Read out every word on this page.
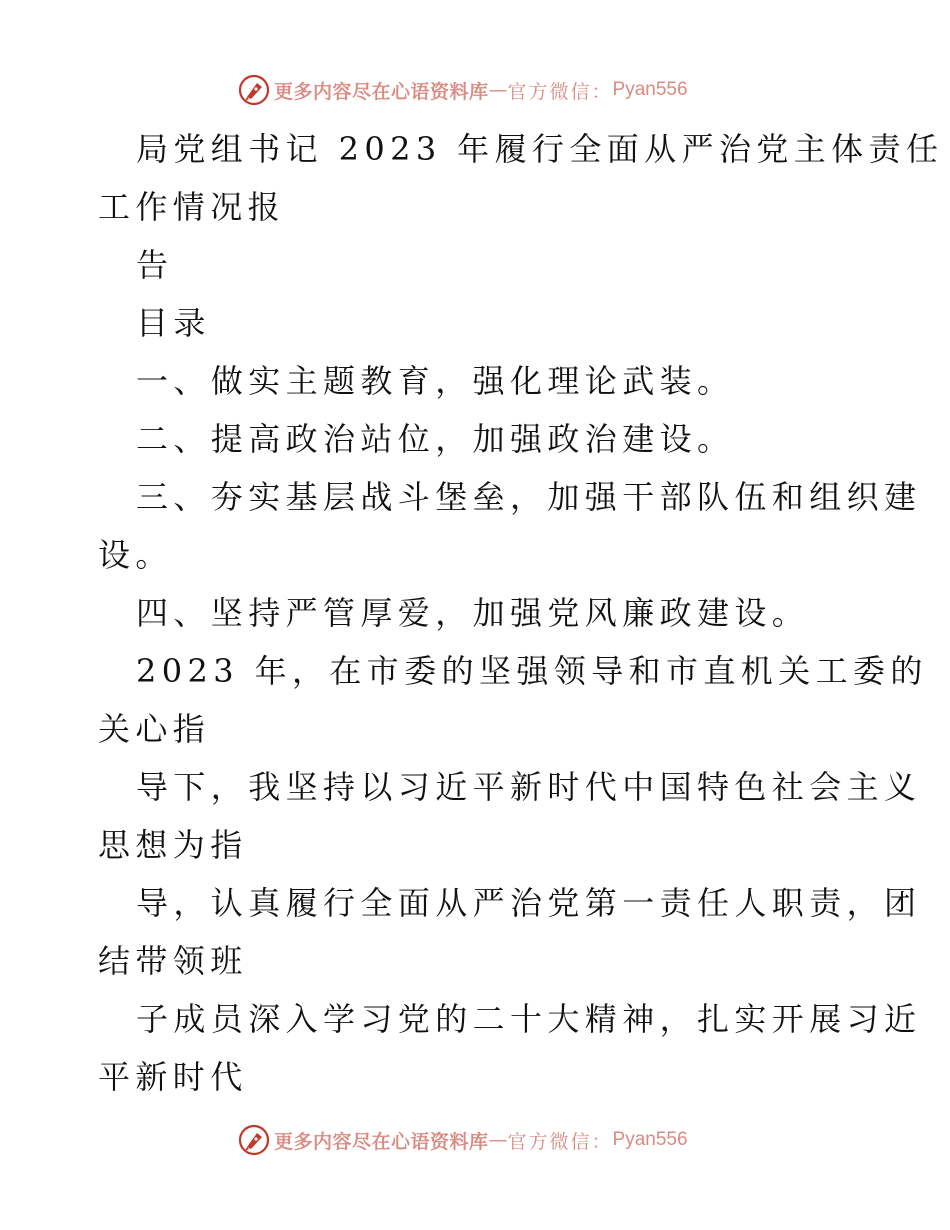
更多内容尽在心语资料库 — 官方微信： Pyan556
局党组书记 2023 年履行全面从严治党主体责任
工作情况报
告
目录
一、做实主题教育，强化理论武装。
二、提高政治站位，加强政治建设。
三、夯实基层战斗堡垒，加强干部队伍和组织建
设。
四、坚持严管厚爱，加强党风廉政建设。
2023 年，在市委的坚强领导和市直机关工委的
关心指
导下，我坚持以习近平新时代中国特色社会主义
思想为指
导，认真履行全面从严治党第一责任人职责，团
结带领班
子成员深入学习党的二十大精神，扎实开展习近
平新时代
更多内容尽在心语资料库 — 官方微信： Pyan556
